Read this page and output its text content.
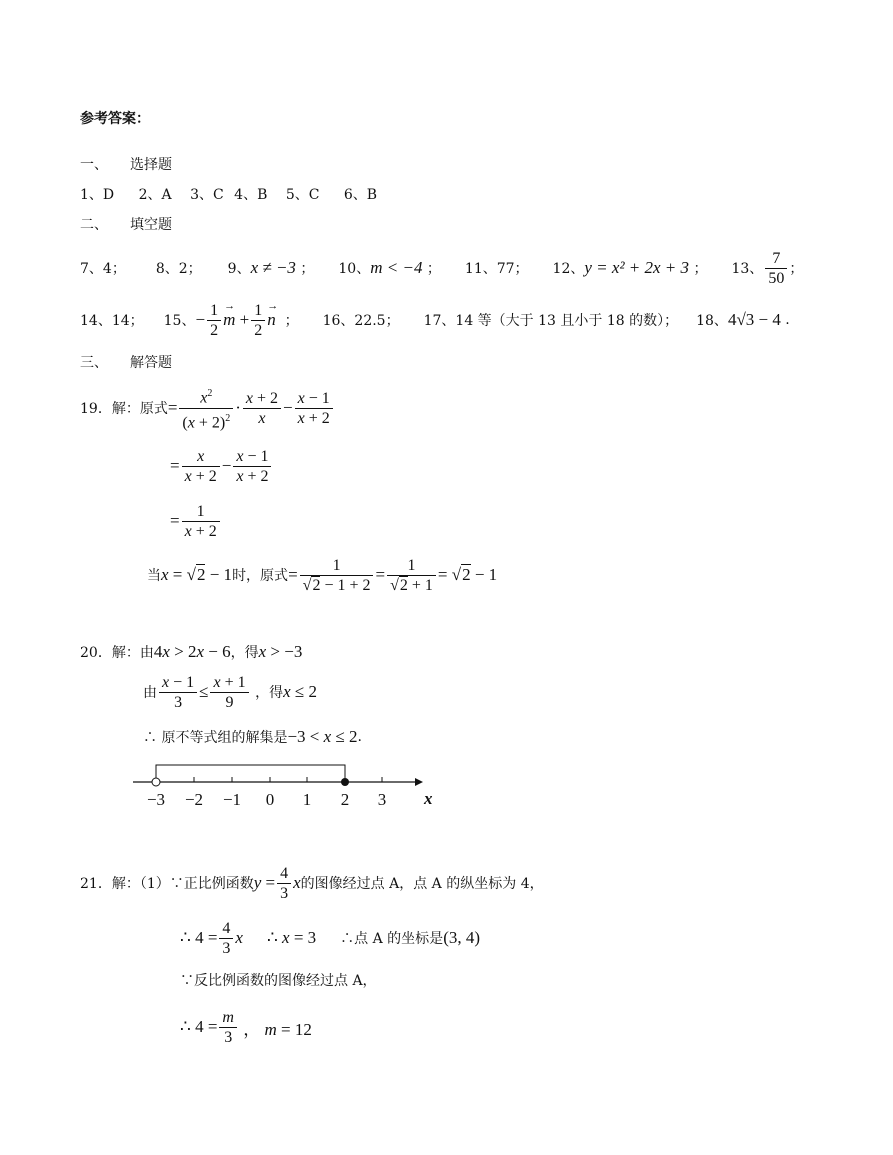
参考答案：
一、 选择题
1、D 2、A 3、C 4、B 5、C 6、B
二、 填空题
7、4； 8、2； 9、 x ≠ −3 ； 10、 m < −4 ； 11、77； 12、 y = x² + 2x + 3 ； 13、 $\frac{7}{50}$ ；
14、14； 15、 − $\frac{1}{2}$ m
→
+ $\frac{1}{2}$ n
→
； 16、22.5； 17、14 等（大于 13 且小于 18 的数）； 18、 4√3 − 4 .
三、 解答题
19．解：原式 = $\frac{x^2}{(x + 2)^2} \cdot \frac{x + 2}{x} - \frac{x - 1}{x + 2}$
= $\frac{x}{x + 2} - \frac{x - 1}{x + 2}$
= $\frac{1}{x + 2}$
当 x = √2 − 1 时，原式 = $\frac{1}{√2 - 1 + 2} = \frac{1}{√2 + 1} = √2 - 1$
20．解：由 4x > 2x − 6 ，得 x > −3
由 $\frac{x - 1}{3} \le \frac{x + 1}{9}$
，得 x ≤ 2
∴ 原不等式组的解集是 −3 < x ≤ 2 .
−3 −2 −1	0	1	2	3	x
21．解：（1）∵正比例函数 $y = \frac{4}{3}$ x 的图像经过点 A，点 A 的纵坐标为 4，
∴ $4 = \frac{4}{3}$ x ∴ x = 3 ∴点 A 的坐标是 (3, 4)
∵反比例函数的图像经过点 A，
∴ $4 = \frac{m}{3}$ ， m = 12
